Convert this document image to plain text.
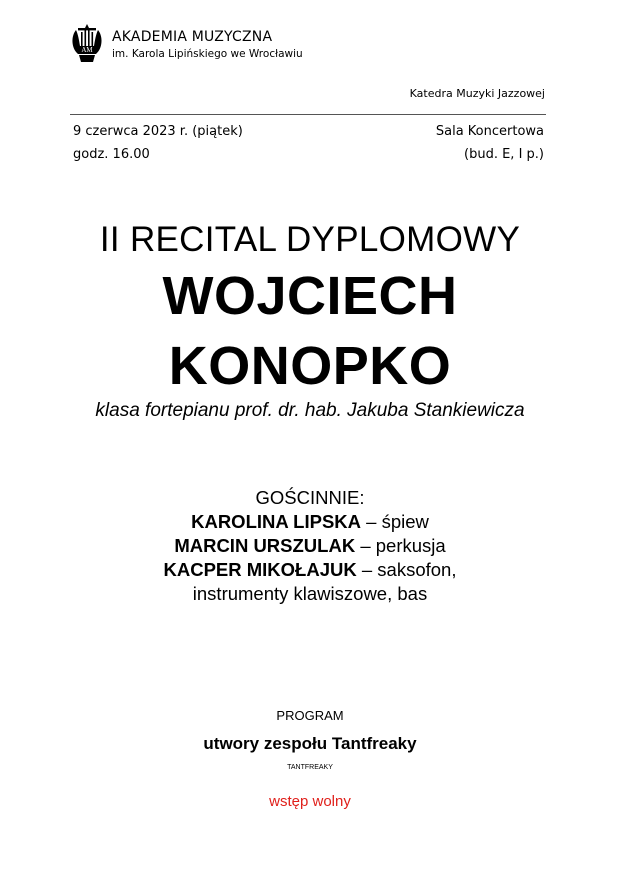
AM
AKADEMIA MUZYCZNA
im. Karola Lipińskiego we Wrocławiu
Katedra Muzyki Jazzowej
9 czerwca 2023 r. (piątek)
godz. 16.00
Sala Koncertowa
(bud. E, I p.)
II RECITAL DYPLOMOWY
WOJCIECH
KONOPKO
klasa fortepianu prof. dr. hab. Jakuba Stankiewicza
GOŚCINNIE:
KAROLINA LIPSKA – śpiew
MARCIN URSZULAK – perkusja
KACPER MIKOŁAJUK – saksofon,
instrumenty klawiszowe, bas
PROGRAM
utwory zespołu Tantfreaky
TANTFREAKY
wstęp wolny
